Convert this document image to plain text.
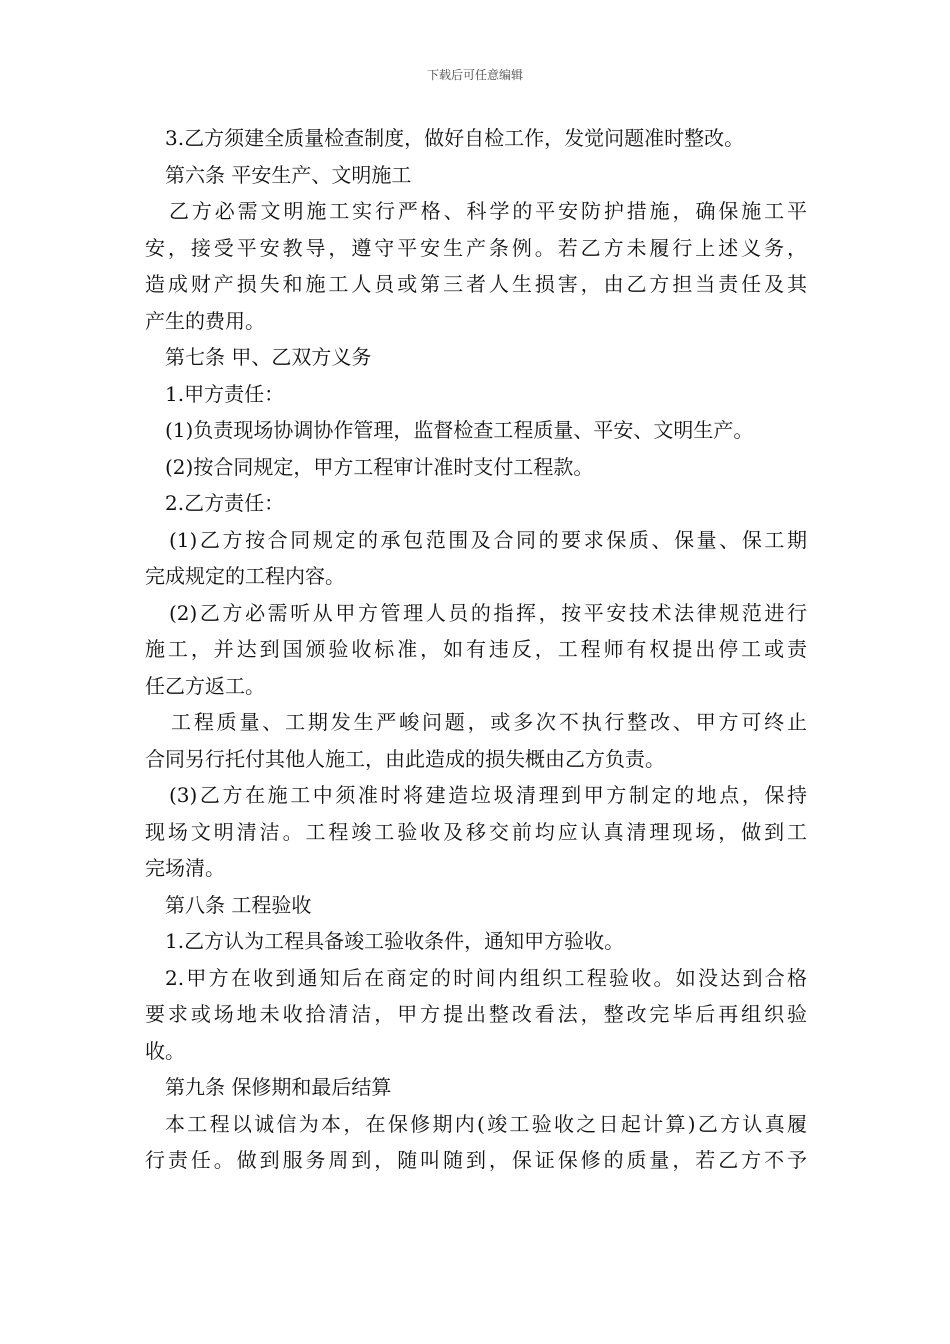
下载后可任意编辑

3.乙方须建全质量检查制度，做好自检工作，发觉问题准时整改。

第六条 平安生产、文明施工

乙方必需文明施工实行严格、科学的平安防护措施，确保施工平

安，接受平安教导，遵守平安生产条例。若乙方未履行上述义务，

造成财产损失和施工人员或第三者人生损害，由乙方担当责任及其

产生的费用。

第七条 甲、乙双方义务

1.甲方责任：

(1)负责现场协调协作管理，监督检查工程质量、平安、文明生产。

(2)按合同规定，甲方工程审计准时支付工程款。

2.乙方责任：

(1)乙方按合同规定的承包范围及合同的要求保质、保量、保工期

完成规定的工程内容。

(2)乙方必需听从甲方管理人员的指挥，按平安技术法律规范进行

施工，并达到国颁验收标准，如有违反，工程师有权提出停工或责

任乙方返工。

工程质量、工期发生严峻问题，或多次不执行整改、甲方可终止

合同另行托付其他人施工，由此造成的损失概由乙方负责。

(3)乙方在施工中须准时将建造垃圾清理到甲方制定的地点，保持

现场文明清洁。工程竣工验收及移交前均应认真清理现场，做到工

完场清。

第八条 工程验收

1.乙方认为工程具备竣工验收条件，通知甲方验收。

2.甲方在收到通知后在商定的时间内组织工程验收。如没达到合格

要求或场地未收拾清洁，甲方提出整改看法，整改完毕后再组织验

收。

第九条 保修期和最后结算

本工程以诚信为本，在保修期内(竣工验收之日起计算)乙方认真履

行责任。做到服务周到，随叫随到，保证保修的质量，若乙方不予
